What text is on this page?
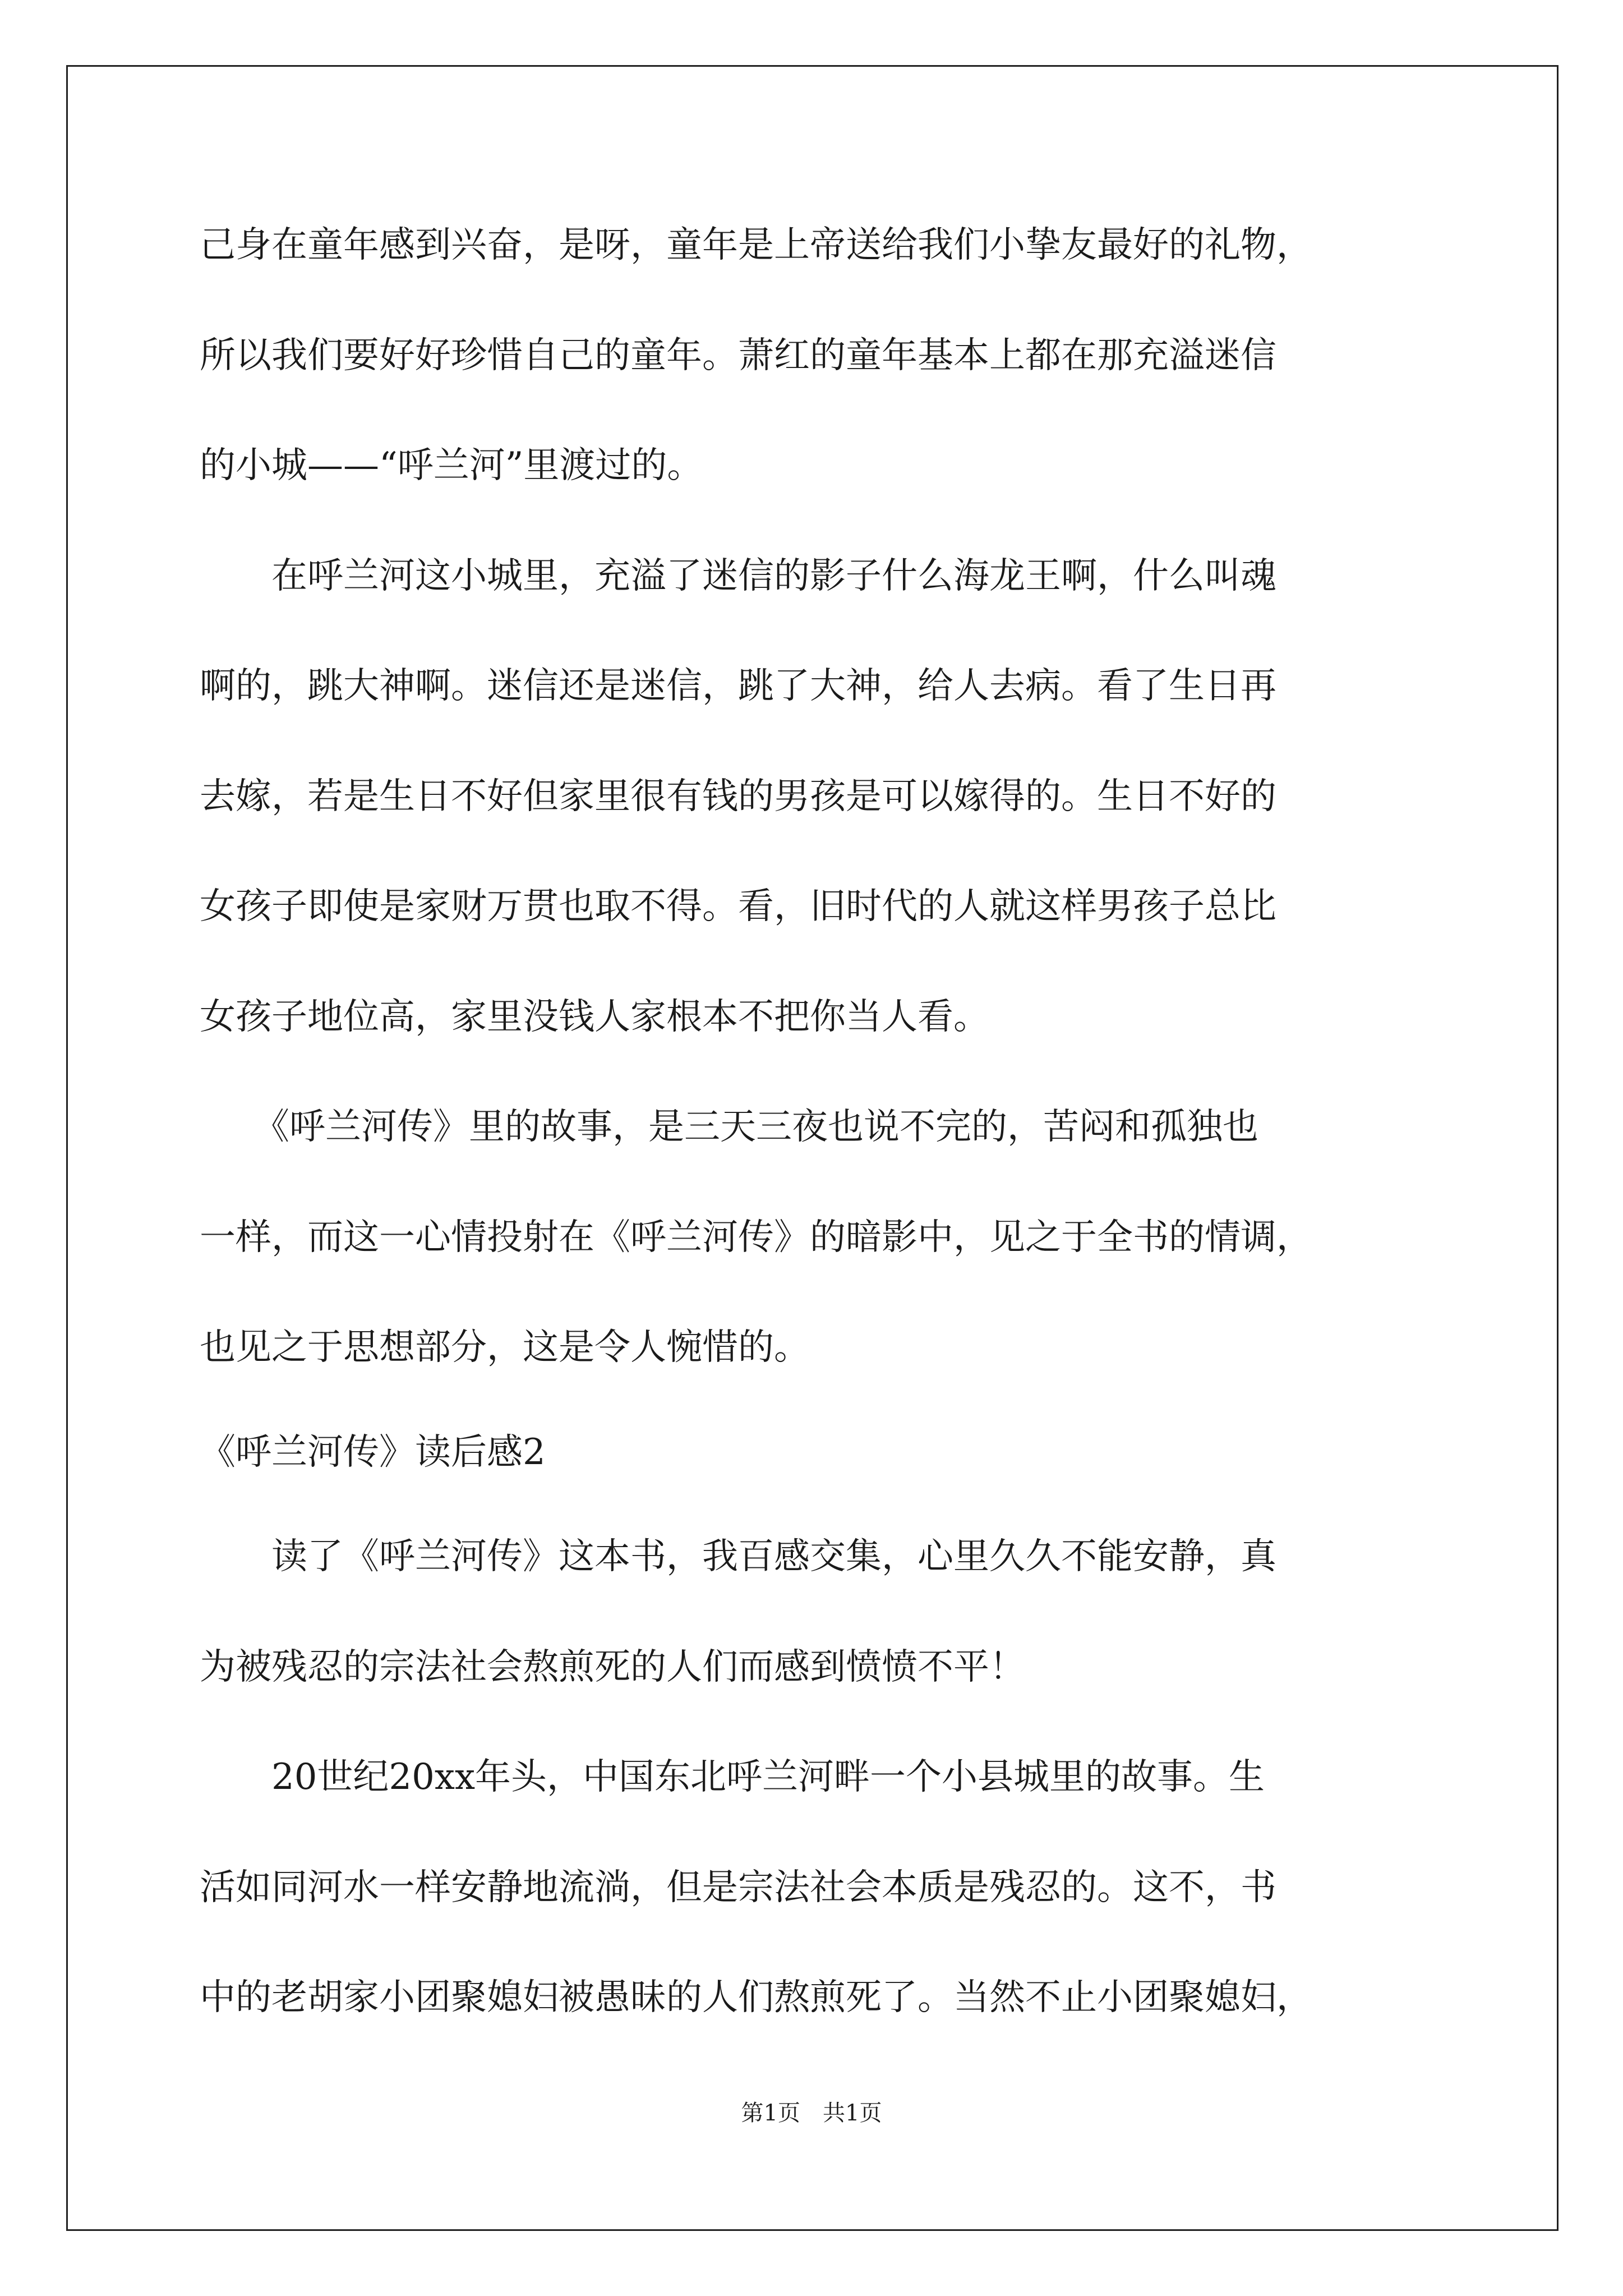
己身在童年感到兴奋，是呀，童年是上帝送给我们小挚友最好的礼物，
所以我们要好好珍惜自己的童年。萧红的童年基本上都在那充溢迷信
的小城——“呼兰河”里渡过的。
　　在呼兰河这小城里，充溢了迷信的影子什么海龙王啊，什么叫魂
啊的，跳大神啊。迷信还是迷信，跳了大神，给人去病。看了生日再
去嫁，若是生日不好但家里很有钱的男孩是可以嫁得的。生日不好的
女孩子即使是家财万贯也取不得。看，旧时代的人就这样男孩子总比
女孩子地位高，家里没钱人家根本不把你当人看。
　　《呼兰河传》里的故事，是三天三夜也说不完的，苦闷和孤独也
一样，而这一心情投射在《呼兰河传》的暗影中，见之于全书的情调，
也见之于思想部分，这是令人惋惜的。
《呼兰河传》读后感2
　　读了《呼兰河传》这本书，我百感交集，心里久久不能安静，真
为被残忍的宗法社会熬煎死的人们而感到愤愤不平！
　　20世纪20xx年头，中国东北呼兰河畔一个小县城里的故事。生
活如同河水一样安静地流淌，但是宗法社会本质是残忍的。这不，书
中的老胡家小团聚媳妇被愚昧的人们熬煎死了。当然不止小团聚媳妇，
第1页　共1页
